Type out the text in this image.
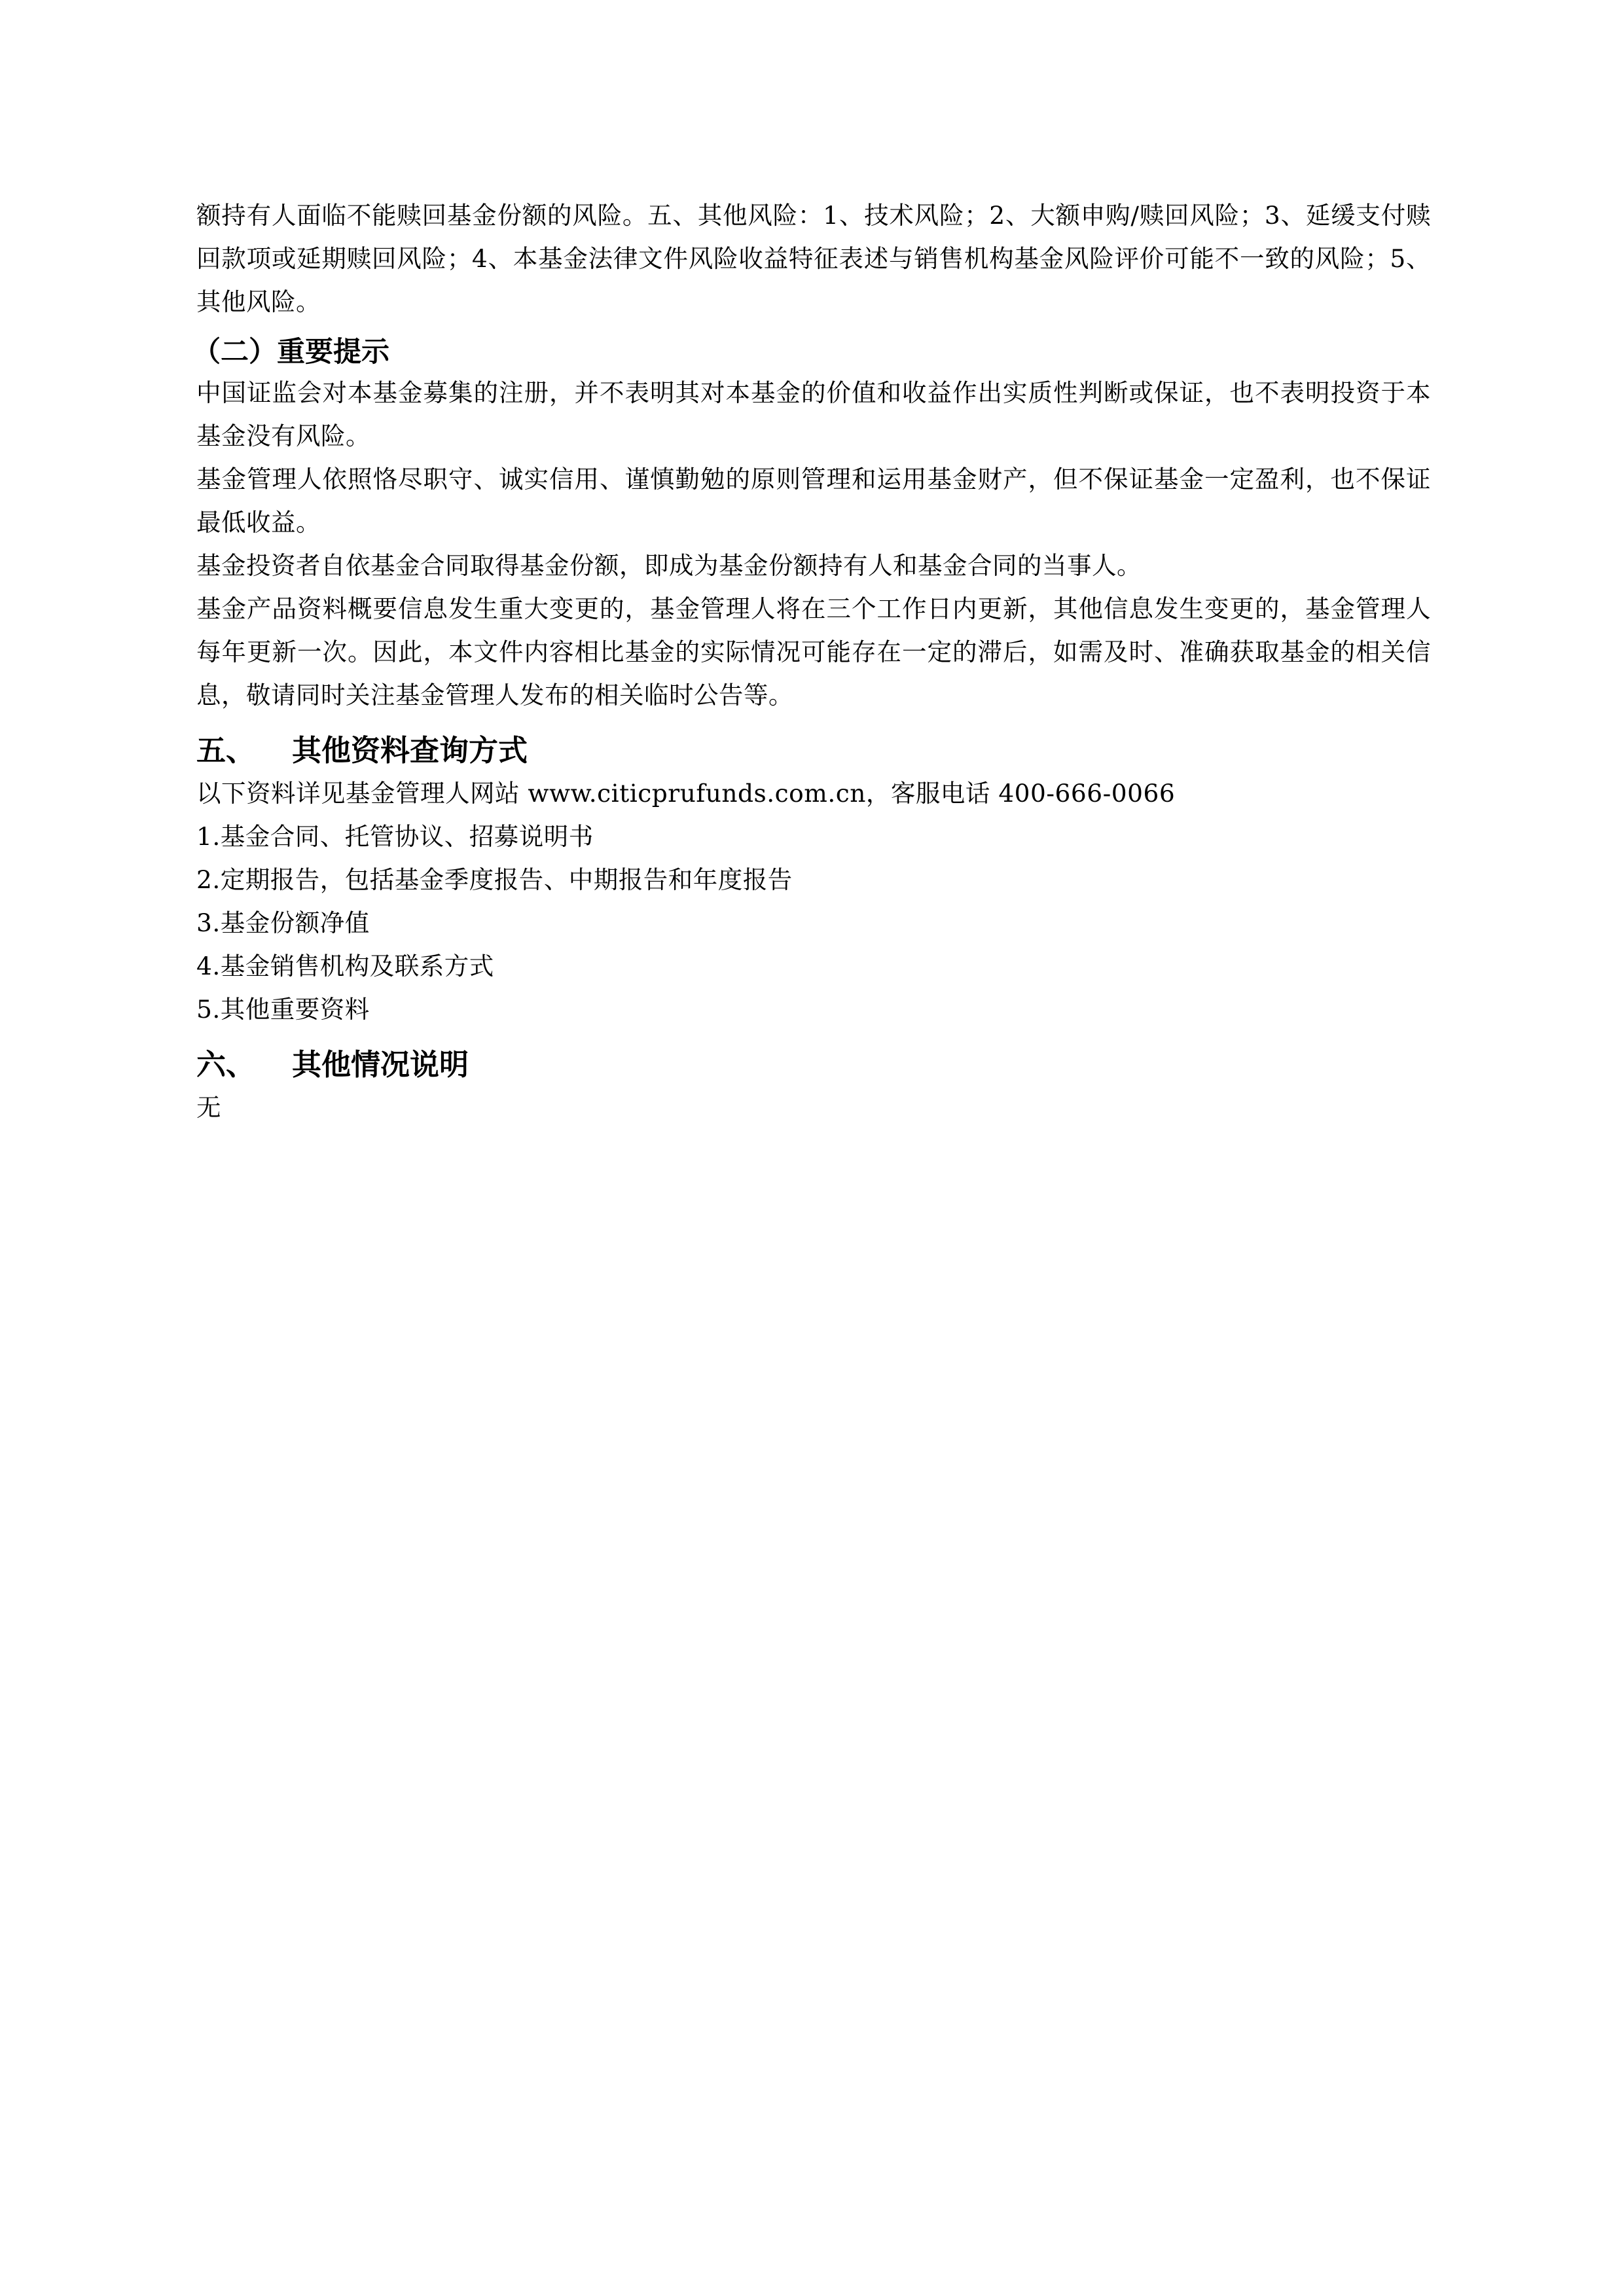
额持有人面临不能赎回基金份额的风险。五、其他风险：1、技术风险；2、大额申购/赎回风险；3、延缓支付赎回款项或延期赎回风险；4、本基金法律文件风险收益特征表述与销售机构基金风险评价可能不一致的风险；5、其他风险。

（二）重要提示

中国证监会对本基金募集的注册，并不表明其对本基金的价值和收益作出实质性判断或保证，也不表明投资于本基金没有风险。

基金管理人依照恪尽职守、诚实信用、谨慎勤勉的原则管理和运用基金财产，但不保证基金一定盈利，也不保证最低收益。

基金投资者自依基金合同取得基金份额，即成为基金份额持有人和基金合同的当事人。

基金产品资料概要信息发生重大变更的，基金管理人将在三个工作日内更新，其他信息发生变更的，基金管理人每年更新一次。因此，本文件内容相比基金的实际情况可能存在一定的滞后，如需及时、准确获取基金的相关信息，敬请同时关注基金管理人发布的相关临时公告等。

五、	其他资料查询方式

以下资料详见基金管理人网站 www.citicprufunds.com.cn，客服电话 400-666-0066

1.基金合同、托管协议、招募说明书

2.定期报告，包括基金季度报告、中期报告和年度报告

3.基金份额净值

4.基金销售机构及联系方式

5.其他重要资料

六、	其他情况说明

无
